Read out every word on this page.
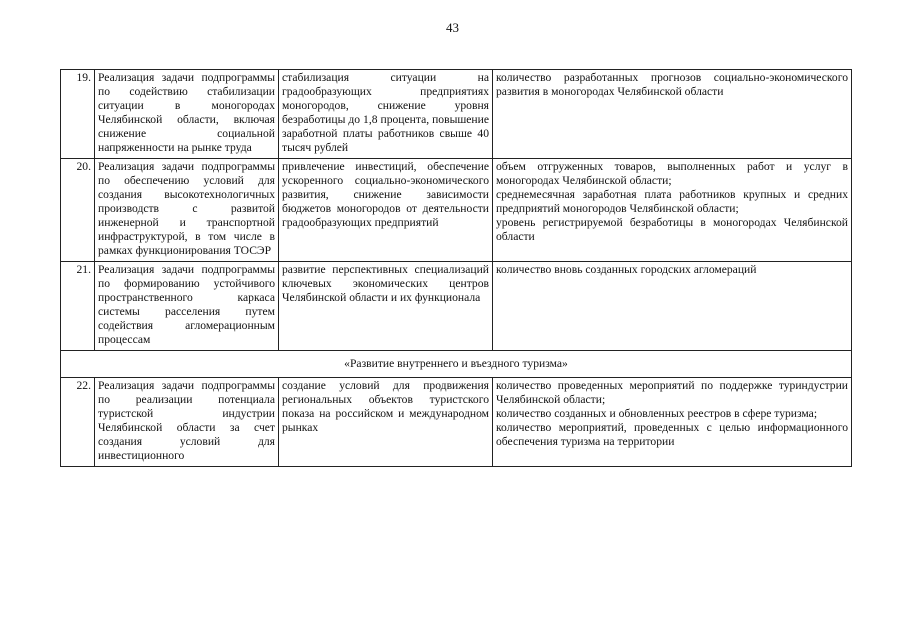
43
19.	Реализация задачи подпрограммы по содействию стабилизации ситуации в моногородах Челябинской области, включая снижение социальной напряженности на рынке труда	стабилизация ситуации на градообразующих предприятиях моногородов, снижение уровня безработицы до 1,8 процента, повышение заработной платы работников свыше 40 тысяч рублей	количество разработанных прогнозов социально-экономического развития в моногородах Челябинской области

20.	Реализация задачи подпрограммы по обеспечению условий для создания высокотехнологичных производств с развитой инженерной и транспортной инфраструктурой, в том числе в рамках функционирования ТОСЭР	привлечение инвестиций, обеспечение ускоренного социально-экономического развития, снижение зависимости бюджетов моногородов от деятельности градообразующих предприятий	объем отгруженных товаров, выполненных работ и услуг в моногородах Челябинской области;
среднемесячная заработная плата работников крупных и средних предприятий моногородов Челябинской области;
уровень регистрируемой безработицы в моногородах Челябинской области

21.	Реализация задачи подпрограммы по формированию устойчивого пространственного каркаса системы расселения путем содействия агломерационным процессам	развитие перспективных специализаций ключевых экономических центров Челябинской области и их функционала	количество вновь созданных городских агломераций

«Развитие внутреннего и въездного туризма»			
22.	Реализация задачи подпрограммы по реализации потенциала туристской индустрии Челябинской области за счет создания условий для инвестиционного	создание условий для продвижения региональных объектов туристского показа на российском и международном рынках	количество проведенных мероприятий по поддержке туриндустрии Челябинской области;
количество созданных и обновленных реестров в сфере туризма;
количество мероприятий, проведенных с целью информационного обеспечения туризма на территории
